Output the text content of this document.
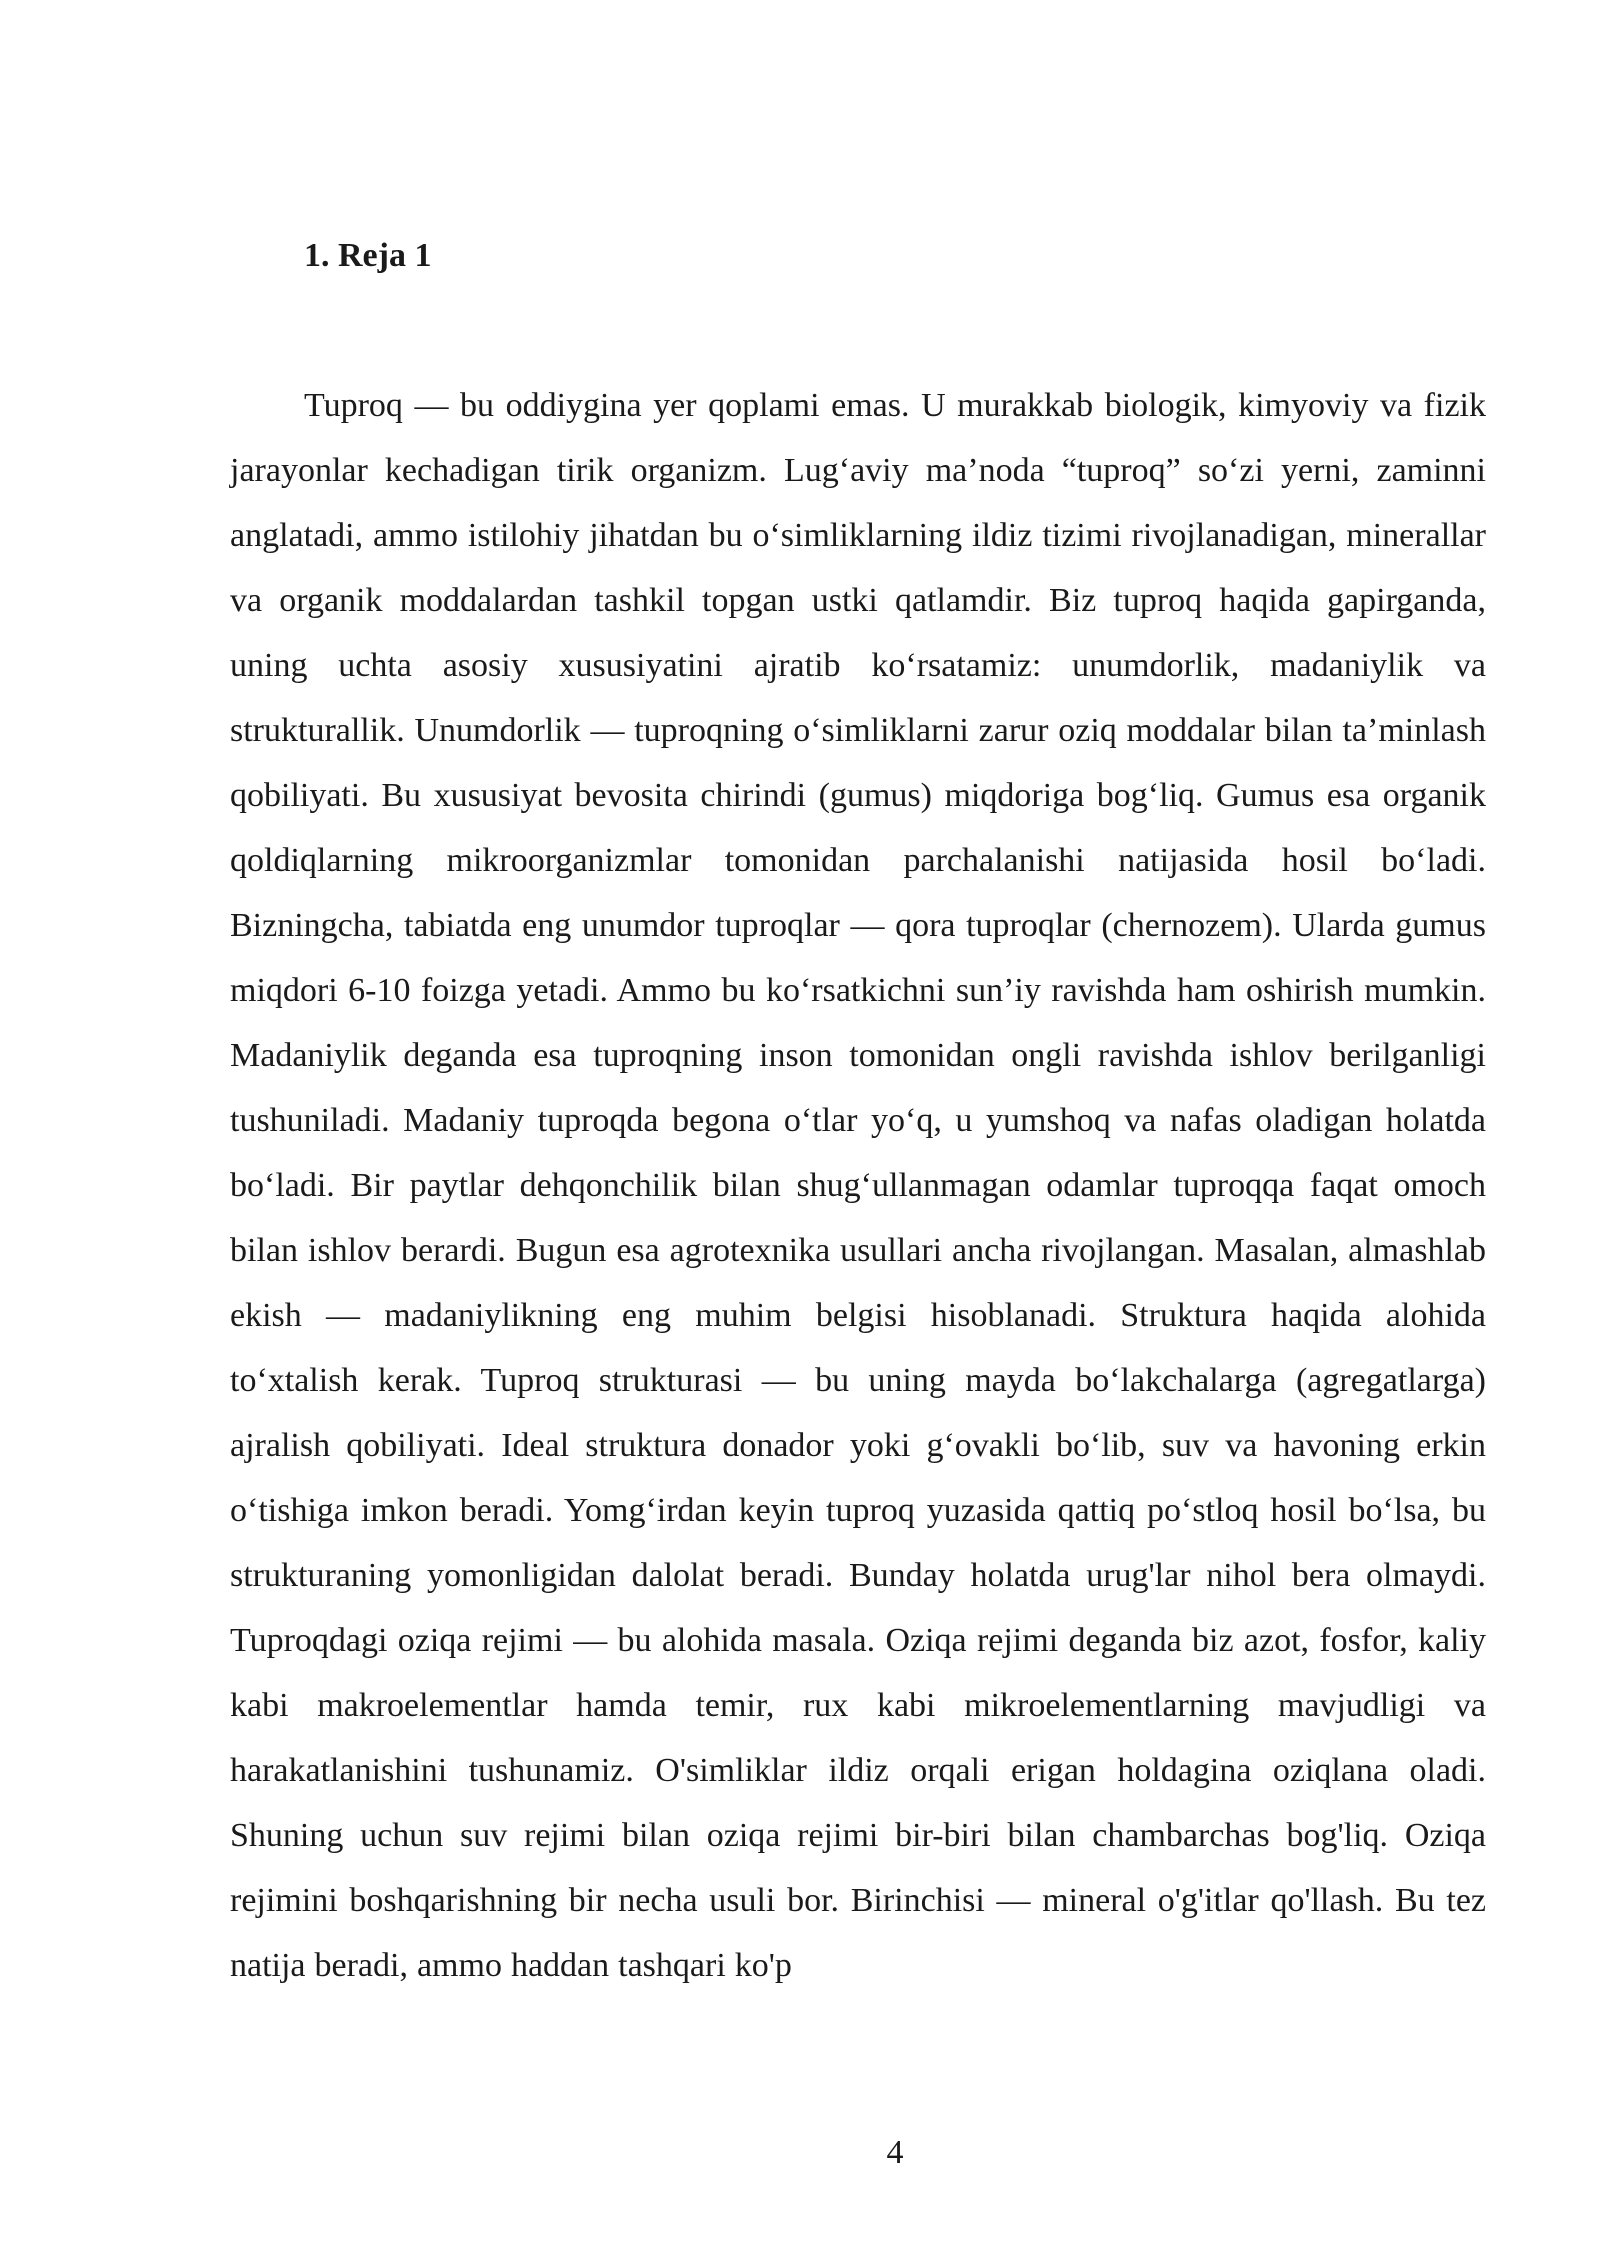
1. Reja 1

Tuproq — bu oddiygina yer qoplami emas. U murakkab biologik, kimyoviy va fizik jarayonlar kechadigan tirik organizm. Lug‘aviy ma’noda “tuproq” so‘zi yerni, zaminni anglatadi, ammo istilohiy jihatdan bu o‘simliklarning ildiz tizimi rivojlanadigan, minerallar va organik moddalardan tashkil topgan ustki qatlamdir. Biz tuproq haqida gapirganda, uning uchta asosiy xususiyatini ajratib ko‘rsatamiz: unumdorlik, madaniylik va strukturallik. Unumdorlik — tuproqning o‘simliklarni zarur oziq moddalar bilan ta’minlash qobiliyati. Bu xususiyat bevosita chirindi (gumus) miqdoriga bog‘liq. Gumus esa organik qoldiqlarning mikroorganizmlar tomonidan parchalanishi natijasida hosil bo‘ladi. Bizningcha, tabiatda eng unumdor tuproqlar — qora tuproqlar (chernozem). Ularda gumus miqdori 6-10 foizga yetadi. Ammo bu ko‘rsatkichni sun’iy ravishda ham oshirish mumkin. Madaniylik deganda esa tuproqning inson tomonidan ongli ravishda ishlov berilganligi tushuniladi. Madaniy tuproqda begona o‘tlar yo‘q, u yumshoq va nafas oladigan holatda bo‘ladi. Bir paytlar dehqonchilik bilan shug‘ullanmagan odamlar tuproqqa faqat omoch bilan ishlov berardi. Bugun esa agrotexnika usullari ancha rivojlangan. Masalan, almashlab ekish — madaniylikning eng muhim belgisi hisoblanadi. Struktura haqida alohida to‘xtalish kerak. Tuproq strukturasi — bu uning mayda bo‘lakchalarga (agregatlarga) ajralish qobiliyati. Ideal struktura donador yoki g‘ovakli bo‘lib, suv va havoning erkin o‘tishiga imkon beradi. Yomg‘irdan keyin tuproq yuzasida qattiq po‘stloq hosil bo‘lsa, bu strukturaning yomonligidan dalolat beradi. Bunday holatda urug'lar nihol bera olmaydi. Tuproqdagi oziqa rejimi — bu alohida masala. Oziqa rejimi deganda biz azot, fosfor, kaliy kabi makroelementlar hamda temir, rux kabi mikroelementlarning mavjudligi va harakatlanishini tushunamiz. O'simliklar ildiz orqali erigan holdagina oziqlana oladi. Shuning uchun suv rejimi bilan oziqa rejimi bir-biri bilan chambarchas bog'liq. Oziqa rejimini boshqarishning bir necha usuli bor. Birinchisi — mineral o'g'itlar qo'llash. Bu tez natija beradi, ammo haddan tashqari ko'p

4
